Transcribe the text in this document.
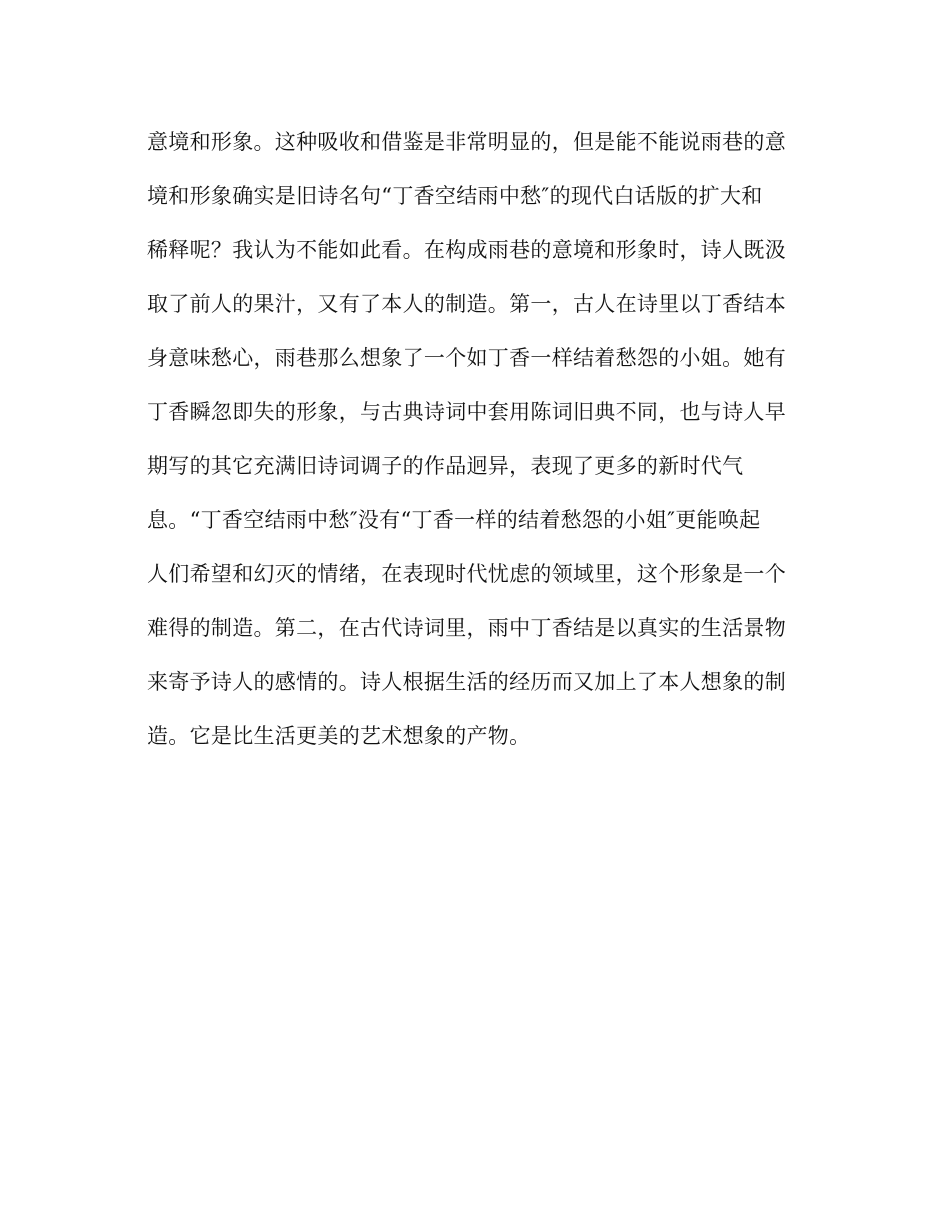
意境和形象。这种吸收和借鉴是非常明显的，但是能不能说雨巷的意
境和形象确实是旧诗名句“丁香空结雨中愁″的现代白话版的扩大和
稀释呢？我认为不能如此看。在构成雨巷的意境和形象时，诗人既汲
取了前人的果汁，又有了本人的制造。第一，古人在诗里以丁香结本
身意味愁心，雨巷那么想象了一个如丁香一样结着愁怨的小姐。她有
丁香瞬忽即失的形象，与古典诗词中套用陈词旧典不同，也与诗人早
期写的其它充满旧诗词调子的作品迥异，表现了更多的新时代气
息。“丁香空结雨中愁″没有“丁香一样的结着愁怨的小姐″更能唤起
人们希望和幻灭的情绪，在表现时代忧虑的领域里，这个形象是一个
难得的制造。第二，在古代诗词里，雨中丁香结是以真实的生活景物
来寄予诗人的感情的。诗人根据生活的经历而又加上了本人想象的制
造。它是比生活更美的艺术想象的产物。
